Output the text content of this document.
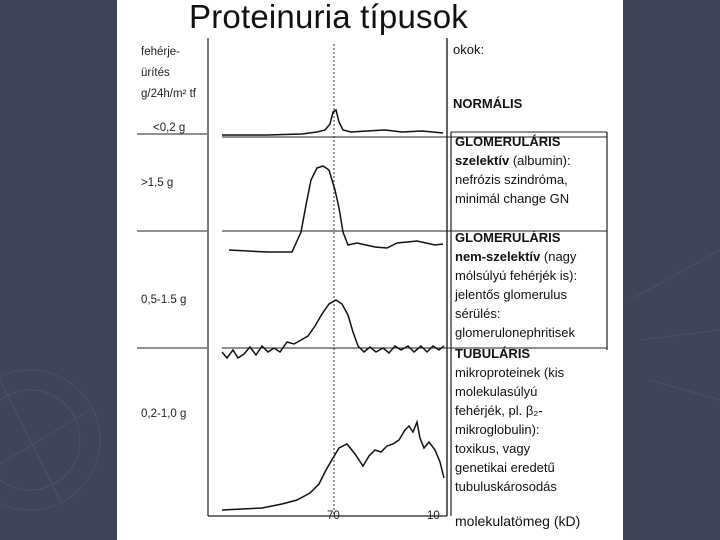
Proteinuria típusok
fehérje-
ürítés
g/24h/m² tf
<0,2 g
>1,5 g
0,5-1.5 g
0,2-1,0 g
70	10 molekulatömeg (kD)
okok:
NORMÁLIS
GLOMERULÁRIS
szelektív (albumin):
nefrózis szindróma,
minimál change GN
GLOMERULÁRIS
nem-szelektív (nagy
mólsúlyú fehérjék is):
jelentős glomerulus
sérülés:
glomerulonephritisek
TUBULÁRIS
mikroproteinek (kis
molekulasúlyú
fehérjék, pl. β₂-
mikroglobulin):
toxikus, vagy
genetikai eredetű
tubuluskárosodás
